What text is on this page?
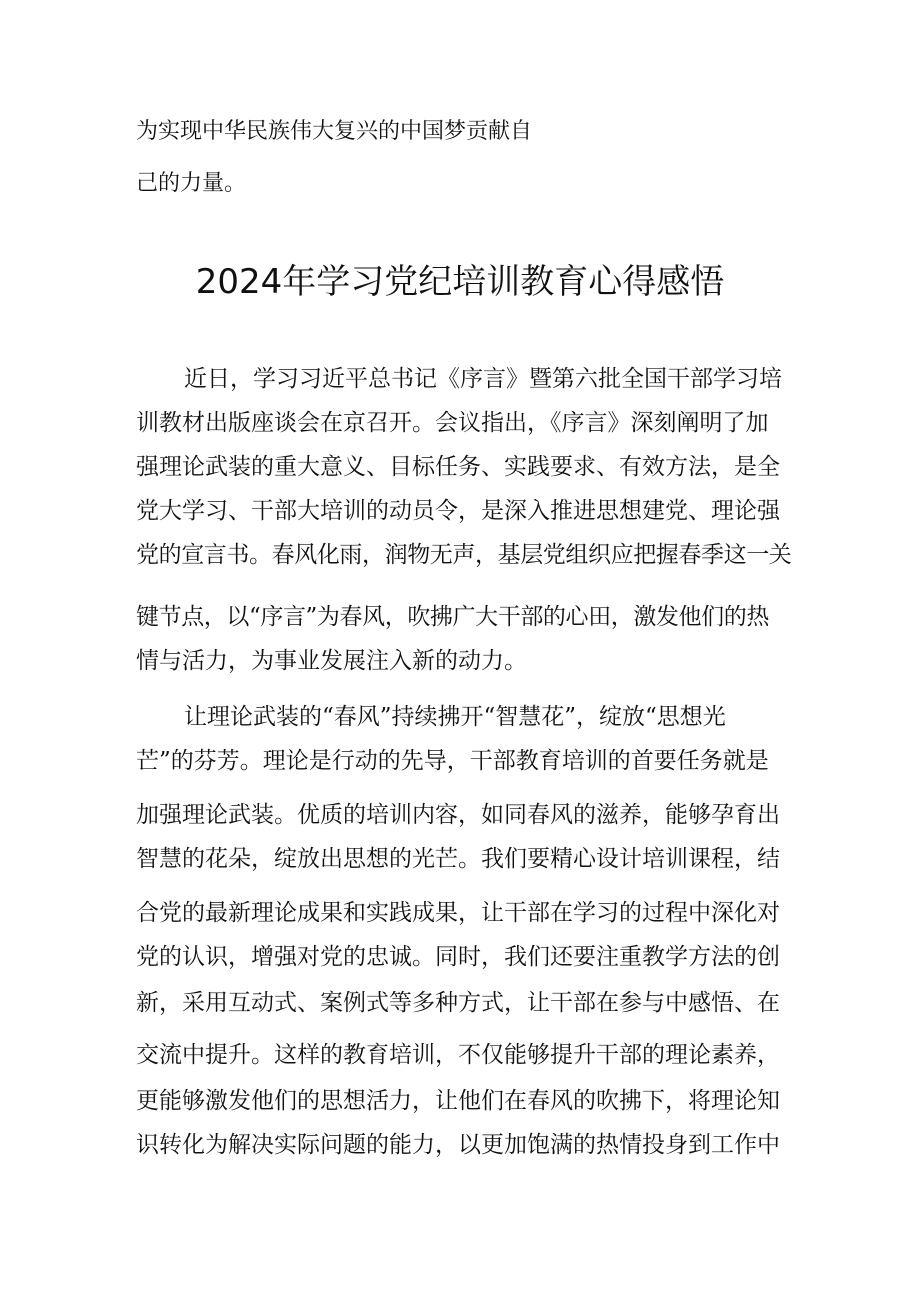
为实现中华民族伟大复兴的中国梦贡献自
己的力量。
2024年学习党纪培训教育心得感悟
近日，学习习近平总书记《序言》暨第六批全国干部学习培
训教材出版座谈会在京召开。会议指出，《序言》深刻阐明了加
强理论武装的重大意义、目标任务、实践要求、有效方法，是全
党大学习、干部大培训的动员令，是深入推进思想建党、理论强
党的宣言书。春风化雨，润物无声，基层党组织应把握春季这一关
键节点，以“序言”为春风，吹拂广大干部的心田，激发他们的热
情与活力，为事业发展注入新的动力。
让理论武装的“春风”持续拂开“智慧花”，绽放“思想光
芒”的芬芳。理论是行动的先导，干部教育培训的首要任务就是
加强理论武装。优质的培训内容，如同春风的滋养，能够孕育出
智慧的花朵，绽放出思想的光芒。我们要精心设计培训课程，结
合党的最新理论成果和实践成果，让干部在学习的过程中深化对
党的认识，增强对党的忠诚。同时，我们还要注重教学方法的创
新，采用互动式、案例式等多种方式，让干部在参与中感悟、在
交流中提升。这样的教育培训，不仅能够提升干部的理论素养，
更能够激发他们的思想活力，让他们在春风的吹拂下，将理论知
识转化为解决实际问题的能力，以更加饱满的热情投身到工作中
